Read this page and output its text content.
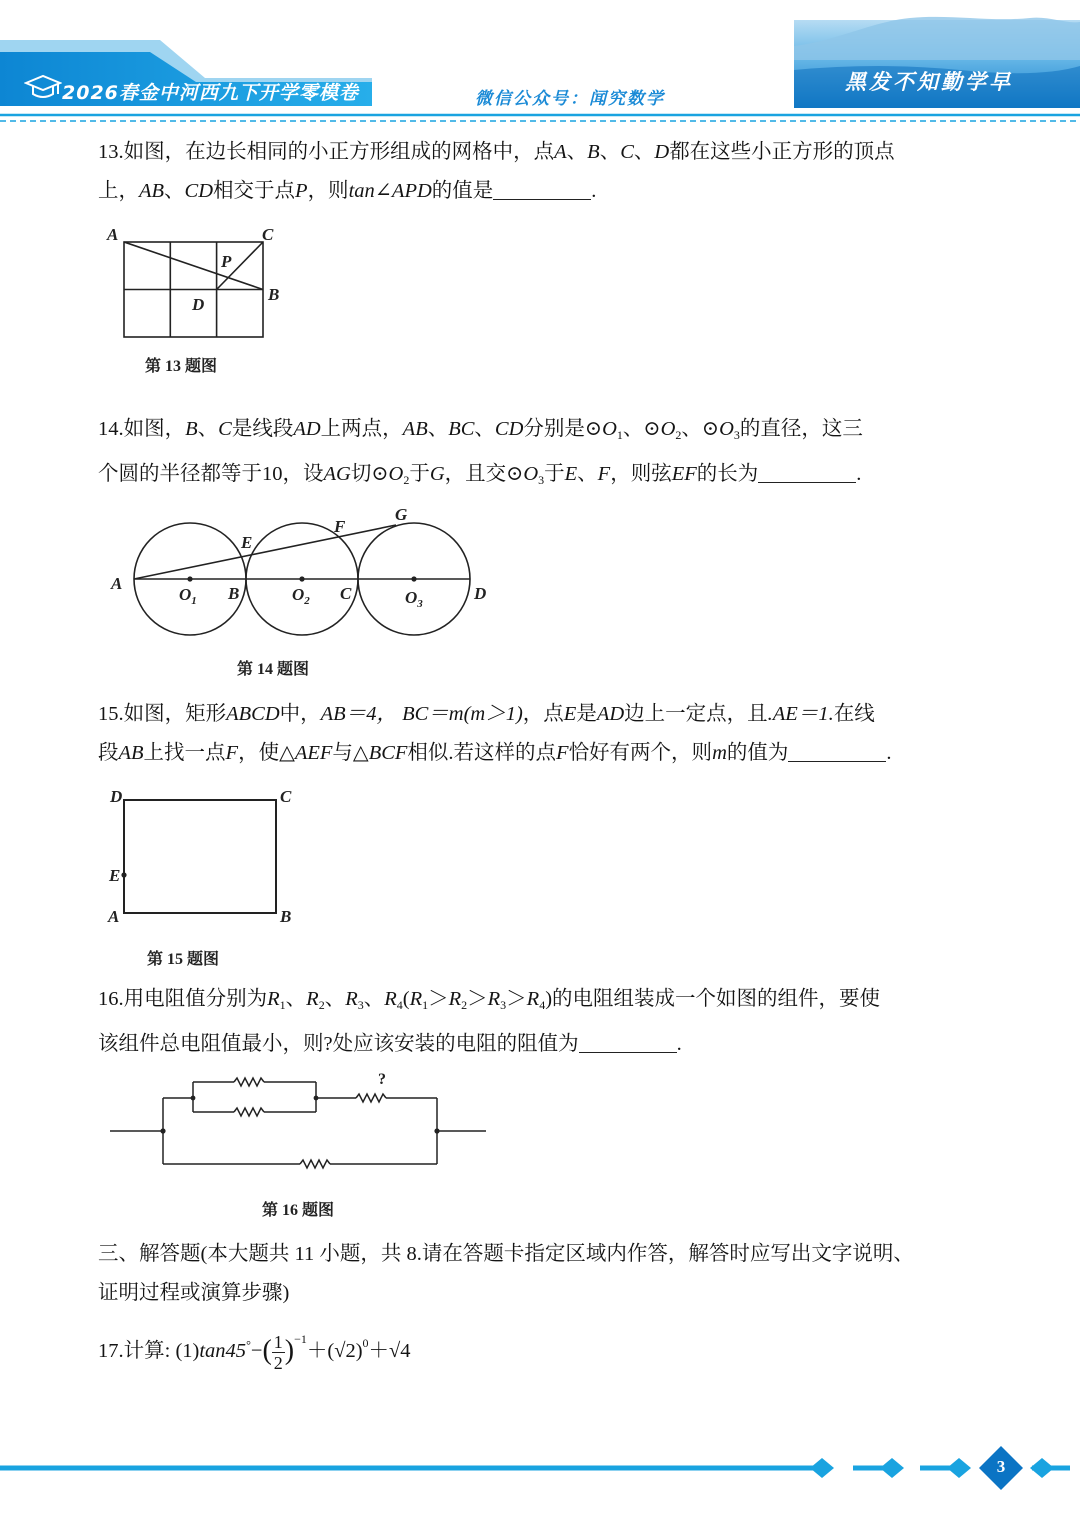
2026春金中河西九下开学零模卷	微信公众号：闻究数学
黑发不知勤学早
13.如图，在边长相同的小正方形组成的网格中，点A、B、C、D都在这些小正方形的顶点
上，AB、CD相交于点P，则tan∠APD的值是	.
A	C
P
B
D
第 13 题图
14.如图，B、C是线段AD上两点，AB、BC、CD分别是$⊙O_1$、$⊙O_2$、$⊙O_3$的直径，这三
个圆的半径都等于10，设AG切$⊙O_2$于G，且交$⊙O_3$于E、F，则弦EF的长为	.
A
B	C	D
E
F
G
$O_1$	$O_2$	$O_3$
第 14 题图
15.如图，矩形ABCD中，AB＝4， BC＝m(m＞1)，点E是AD边上一定点，且.AE＝1.在线
段AB上找一点F，使△AEF与△BCF相似.若这样的点F恰好有两个，则m的值为	.
D	C
E
A	B
第 15 题图
16.用电阻值分别为$R_1$、$R_2$、$R_3$、$R_4(R_1>R_2>R_3>R_4)$的电阻组装成一个如图的组件，要使
该组件总电阻值最小，则?处应该安装的电阻的阻值为	.
?
第 16 题图
三、解答题(本大题共 11 小题，共 8.请在答题卡指定区域内作答，解答时应写出文字说明、
证明过程或演算步骤)
17.计算: $(1)\tan 45^\circ-( \frac{1}{2} )^{-1}+(√2)^0+√4$
3
